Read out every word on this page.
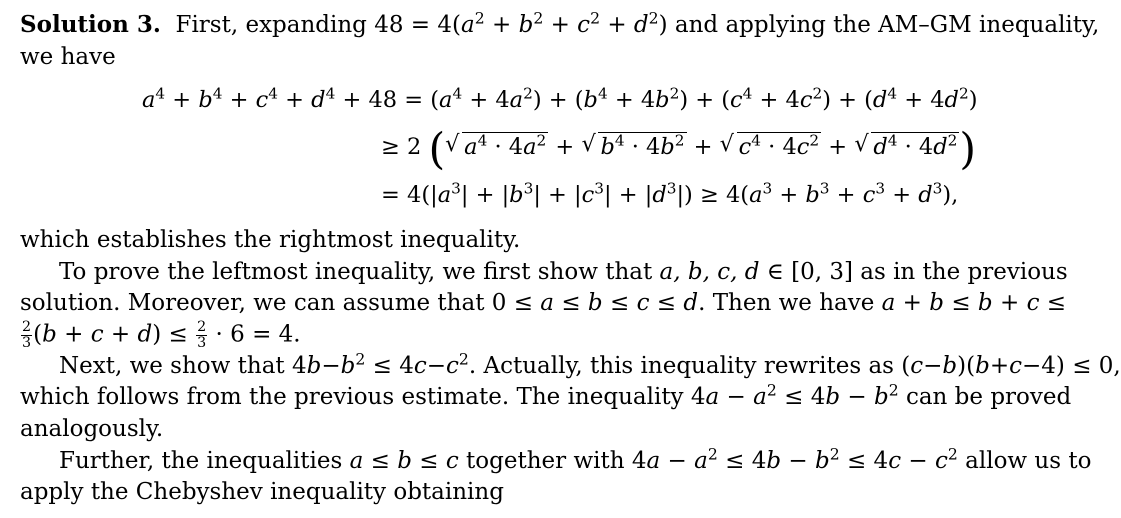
Solution 3. First, expanding $48 = 4(a^2 + b^2 + c^2 + d^2)$ and applying the AM–GM inequality,
we have
$a^4 + b^4 + c^4 + d^4 + 48 = (a^4 + 4a^2) + (b^4 + 4b^2) + (c^4 + 4c^2) + (d^4 + 4d^2)$
≥ 2 (√ $a^4 \cdot 4a^2$ + √ $b^4 \cdot 4b^2$ + √ $c^4 \cdot 4c^2$ + √ $d^4 \cdot 4d^2$)
= $4(|a^3| + |b^3| + |c^3| + |d^3|) \ge 4(a^3 + b^3 + c^3 + d^3)$,
which establishes the rightmost inequality.
To prove the leftmost inequality, we first show that a, b, c, d ∈ [0, 3] as in the previous
solution. Moreover, we can assume that 0 ≤ a ≤ b ≤ c ≤ d. Then we have a + b ≤ b + c ≤
$\frac{2}{3} (b + c + d) \le \frac{2}{3} \cdot 6 = 4$.
Next, we show that $4b-b^2 \le 4c-c^2$. Actually, this inequality rewrites as (c−b)(b+c−4) ≤ 0,
which follows from the previous estimate. The inequality $4a - a^2 \le 4b - b^2$ can be proved
analogously.
Further, the inequalities a ≤ b ≤ c together with $4a - a^2 \le 4b - b^2 \le 4c - c^2$ allow us to
apply the Chebyshev inequality obtaining
